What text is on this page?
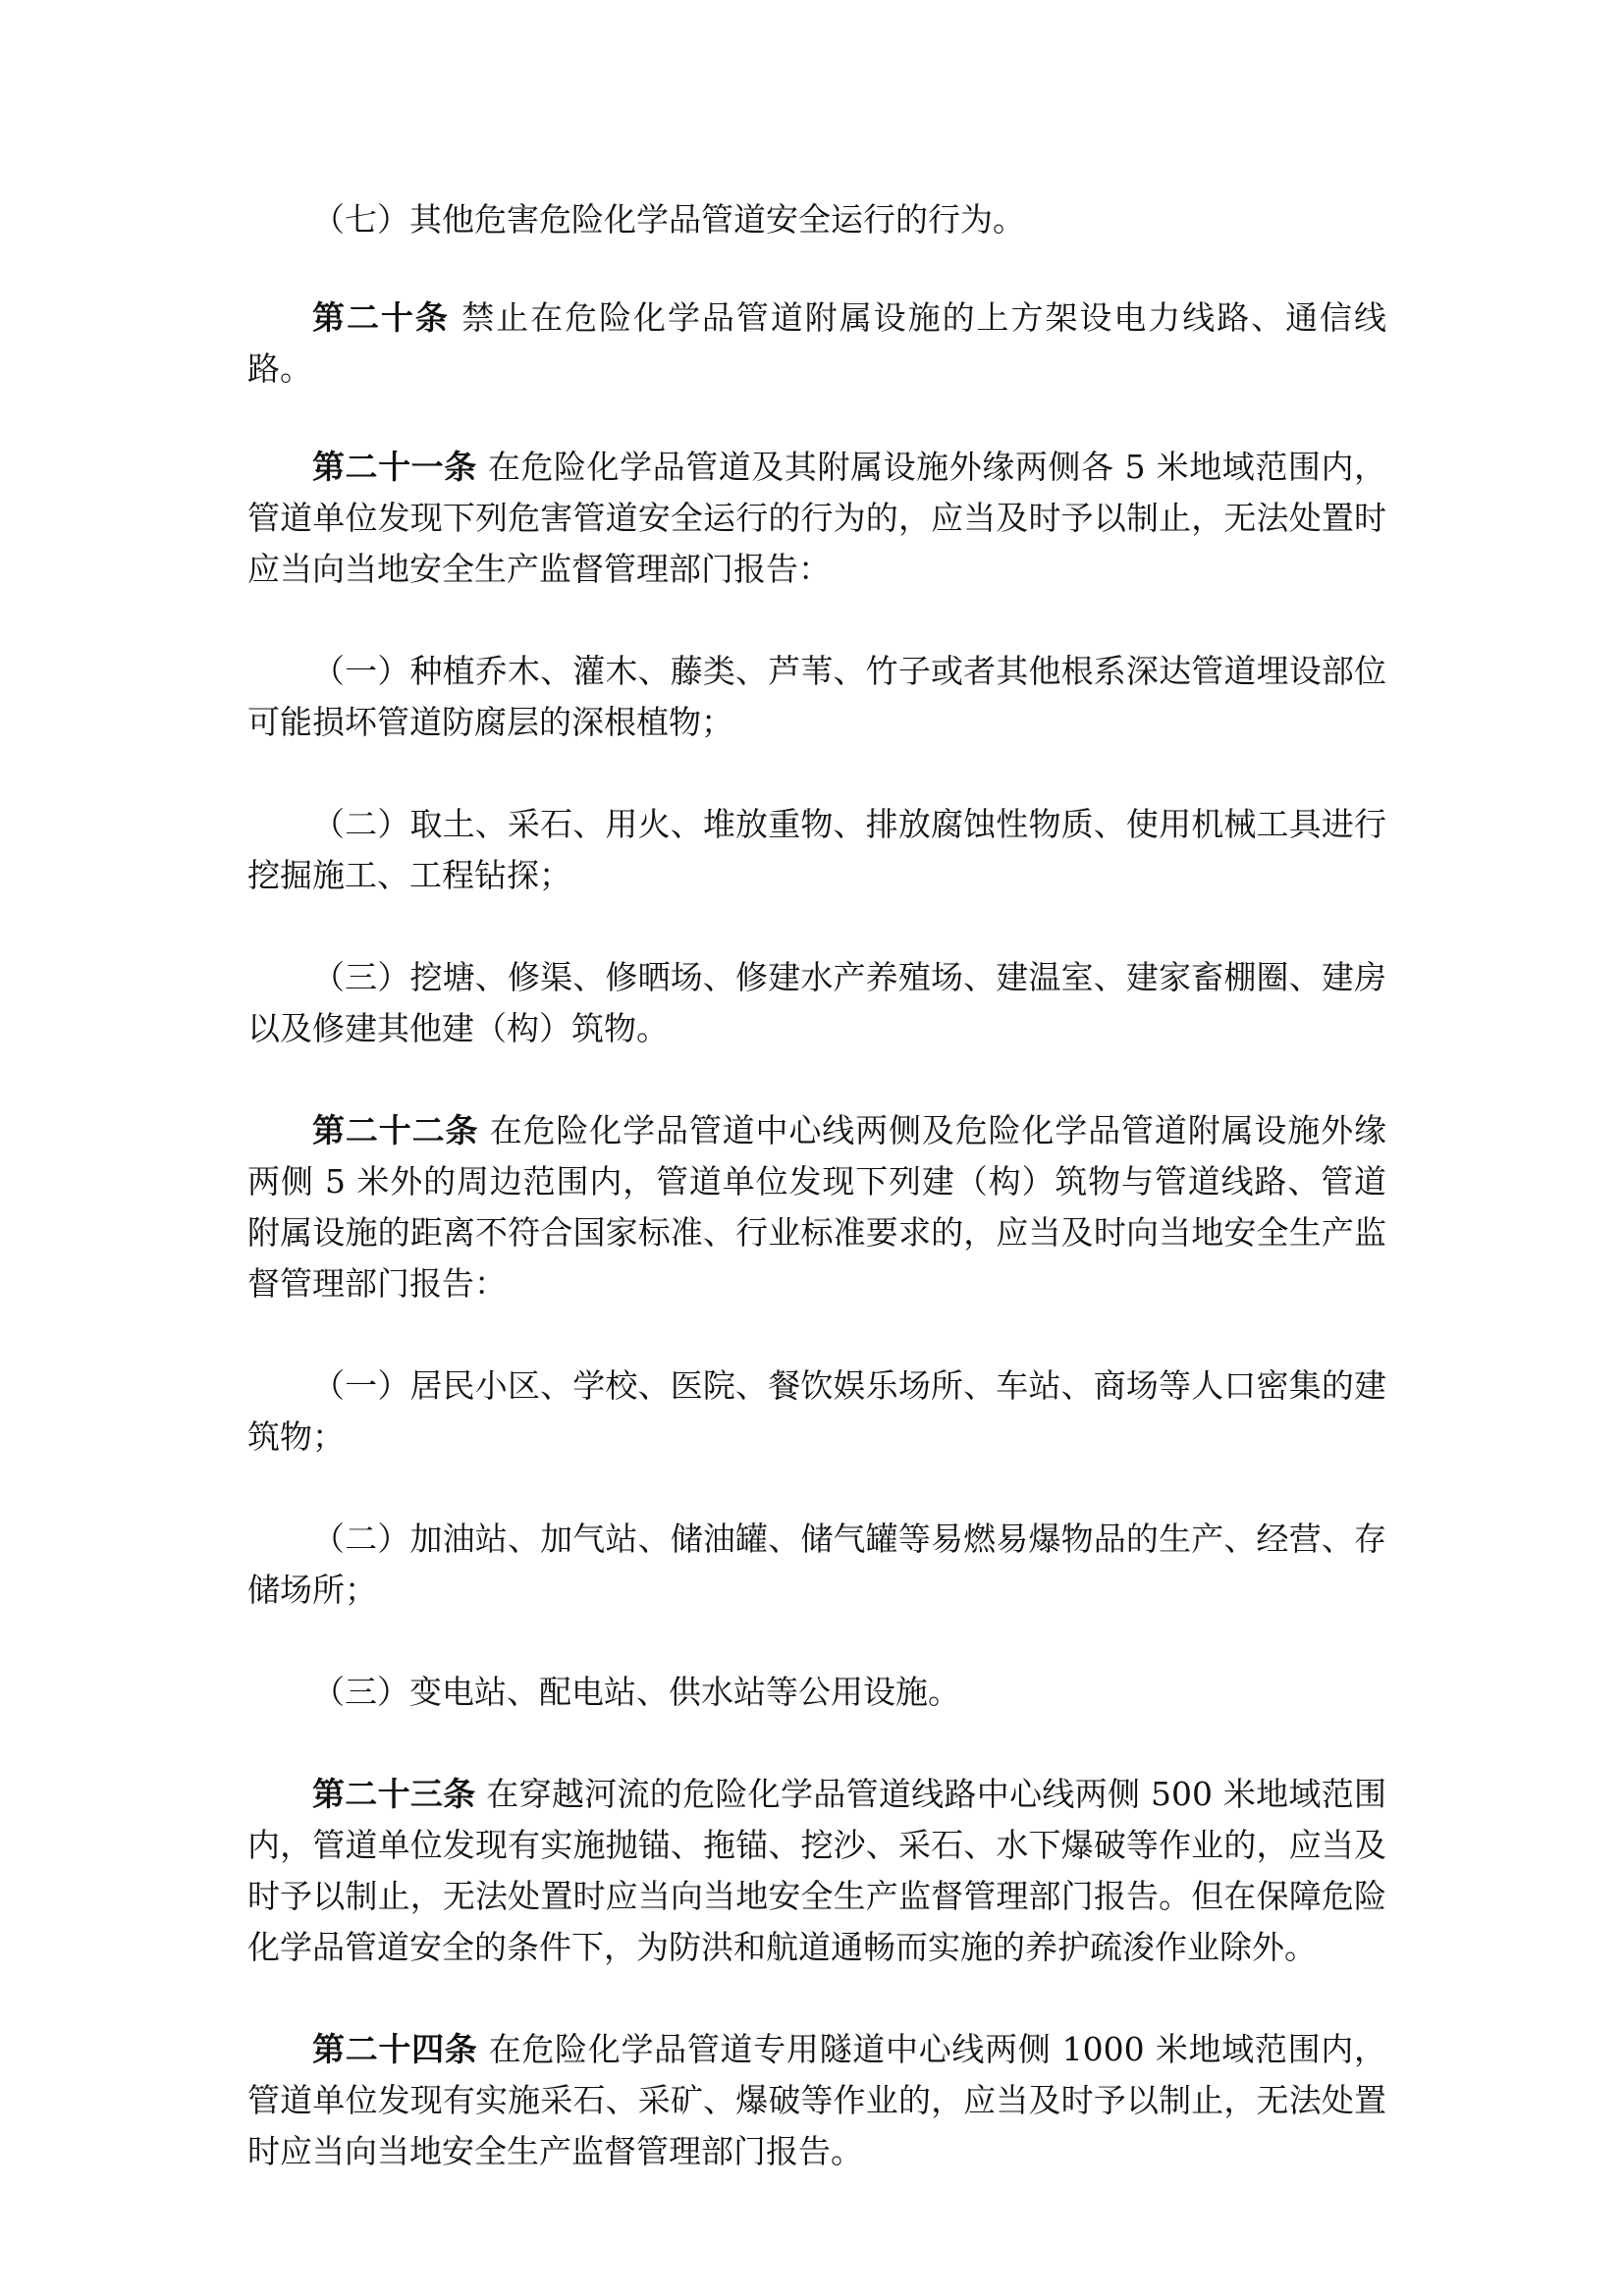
（七）其他危害危险化学品管道安全运行的行为。

第二十条 禁止在危险化学品管道附属设施的上方架设电力线路、通信线路。

第二十一条 在危险化学品管道及其附属设施外缘两侧各 5 米地域范围内，管道单位发现下列危害管道安全运行的行为的，应当及时予以制止，无法处置时应当向当地安全生产监督管理部门报告：

（一）种植乔木、灌木、藤类、芦苇、竹子或者其他根系深达管道埋设部位可能损坏管道防腐层的深根植物；

（二）取土、采石、用火、堆放重物、排放腐蚀性物质、使用机械工具进行挖掘施工、工程钻探；

（三）挖塘、修渠、修晒场、修建水产养殖场、建温室、建家畜棚圈、建房以及修建其他建（构）筑物。

第二十二条 在危险化学品管道中心线两侧及危险化学品管道附属设施外缘两侧 5 米外的周边范围内，管道单位发现下列建（构）筑物与管道线路、管道附属设施的距离不符合国家标准、行业标准要求的，应当及时向当地安全生产监督管理部门报告：

（一）居民小区、学校、医院、餐饮娱乐场所、车站、商场等人口密集的建筑物；

（二）加油站、加气站、储油罐、储气罐等易燃易爆物品的生产、经营、存储场所；

（三）变电站、配电站、供水站等公用设施。

第二十三条 在穿越河流的危险化学品管道线路中心线两侧 500 米地域范围内，管道单位发现有实施抛锚、拖锚、挖沙、采石、水下爆破等作业的，应当及时予以制止，无法处置时应当向当地安全生产监督管理部门报告。但在保障危险化学品管道安全的条件下，为防洪和航道通畅而实施的养护疏浚作业除外。

第二十四条 在危险化学品管道专用隧道中心线两侧 1000 米地域范围内，管道单位发现有实施采石、采矿、爆破等作业的，应当及时予以制止，无法处置时应当向当地安全生产监督管理部门报告。
